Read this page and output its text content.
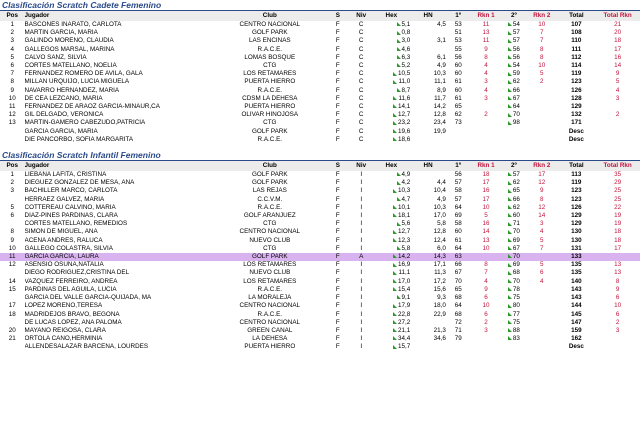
Clasificación Scratch Cadete Femenino
Pos	Jugador	Club	S	Niv	Hex	HN	1º	Rkn 1	2º	Rkn 2	Total	Total Rkn
1	BASCONES INARATO, CARLOTA	CENTRO NACIONAL	F	C	5,1	4,5	53	11	54	10	107	21
2	MARTIN GARCIA, MARIA	GOLF PARK	F	C	0,8		51	13	57	7	108	20
3	GALINDO MORENO, CLAUDIA	LAS ENCINAS	F	C	3,0	3,1	53	11	57	7	110	18
4	GALLEGOS MARSAL, MARINA	R.A.C.E.	F	C	4,6		55	9	56	8	111	17
5	CALVO SANZ, SILVIA	LOMAS BOSQUE	F	C	6,3	6,1	56	8	56	8	112	16
6	CORTES MATELLANO, NOELIA	CTG	F	C	5,2	4,9	60	4	54	10	114	14
7	FERNANDEZ ROMERO DE AVILA, GALA	LOS RETAMARES	F	C	10,5	10,3	60	4	59	5	119	9
8	MILLAN URQUIJO, LUCIA MIGUELA	PUERTA HIERRO	F	C	11,0	11,1	61	3	62	2	123	5
9	NAVARRO HERNANDEZ, MARIA	R.A.C.E.	F	C	8,7	8,9	60	4	66		126	4
10	DE CEA LEZCANO, MARIA	CDSM LA DEHESA	F	C	11,6	11,7	61	3	67		128	3
11	FERNANDEZ DE ARAOZ GARCIA-MIÑAUR,CA	PUERTA HIERRO	F	C	14,1	14,2	65		64		129	
12	GIL DELGADO, VERONICA	OLIVAR HINOJOSA	F	C	12,7	12,8	62	2	70		132	2
13	MARTIN-GAMERO CABEZUDO,PATRICIA	CTG	F	C	23,2	23,4	73		98		171	
	GARCIA GARCIA, MARIA	GOLF PARK	F	C	19,6	19,9					Desc	
	DIE PANCORBO, SOFIA MARGARITA	R.A.C.E.	F	C	18,6						Desc	
Clasificación Scratch Infantil Femenino
Pos	Jugador	Club	S	Niv	Hex	HN	1º	Rkn 1	2º	Rkn 2	Total	Total Rkn
1	LIEBANA LAFITA, CRISTINA	GOLF PARK	F	I	4,9		56	18	57	17	113	35
2	DIEGUEZ GONZALEZ DE MESA, ANA	GOLF PARK	F	I	4,2	4,4	57	17	62	12	119	29
3	BACHILLER MARCO, CARLOTA	LAS REJAS	F	I	10,3	10,4	58	16	65	9	123	25
	HERRAEZ GALVEZ, MARIA	C.C.V.M.	F	I	4,7	4,9	57	17	66	8	123	25
5	COTTEREAU CALVIÑO, MARIA	R.A.C.E.	F	I	10,1	10,3	64	10	62	12	126	22
6	DIAZ-PINES PARDIÑAS, CLARA	GOLF ARANJUEZ	F	I	18,1	17,0	69	5	60	14	129	19
	CORTES MATELLANO, REMEDIOS	CTG	F	I	5,6	5,8	58	16	71	3	129	19
8	SIMON DE MIGUEL, ANA	CENTRO NACIONAL	F	I	12,7	12,8	60	14	70	4	130	18
9	ACEÑA ANDRES, RALUCA	NUEVO CLUB	F	I	12,3	12,4	61	13	69	5	130	18
10	GALLEGO COLASTRA, SILVIA	CTG	F	I	5,8	6,0	64	10	67	7	131	17
11	GARCIA GARCIA, LAURA	GOLF PARK	F	A	14,2	14,3	63		70		133	
12	ASENSIO OSUNA,NATALIA	LOS RETAMARES	F	I	16,9	17,1	66	8	69	5	135	13
	DIEGO RODRIGUEZ,CRISTINA DEL	NUEVO CLUB	F	I	11,1	11,3	67	7	68	6	135	13
14	VAZQUEZ FERREIRO, ANDREA	LOS RETAMARES	F	I	17,0	17,2	70	4	70	4	140	8
15	PARDINAS DEL AGUILA, LUCIA	R.A.C.E.	F	I	15,4	15,6	65	9	78		143	9
	GARCIA DEL VALLE GARCIA-QUIJADA, MA	LA MORALEJA	F	I	9,1	9,3	68	6	75		143	6
17	LOPEZ MORENO,TERESA	CENTRO NACIONAL	F	I	17,9	18,0	64	10	80		144	10
18	MADRIDEJOS BRAVO, BEGOÑA	R.A.C.E.	F	I	22,8	22,9	68	6	77		145	6
	DE LUCAS LOPEZ, ANA PALOMA	CENTRO NACIONAL	F	I	27,2		72	2	75		147	2
20	MAYANO REIGOSA, CLARA	GREEN CANAL	F	I	21,1	21,3	71	3	88		159	3
21	ORTOLA CANO,HERMINIA	LA DEHESA	F	I	34,4	34,6	79		83		162	
	ALLENDESALAZAR BARCENA, LOURDES	PUERTA HIERRO	F	I	15,7						Desc	
